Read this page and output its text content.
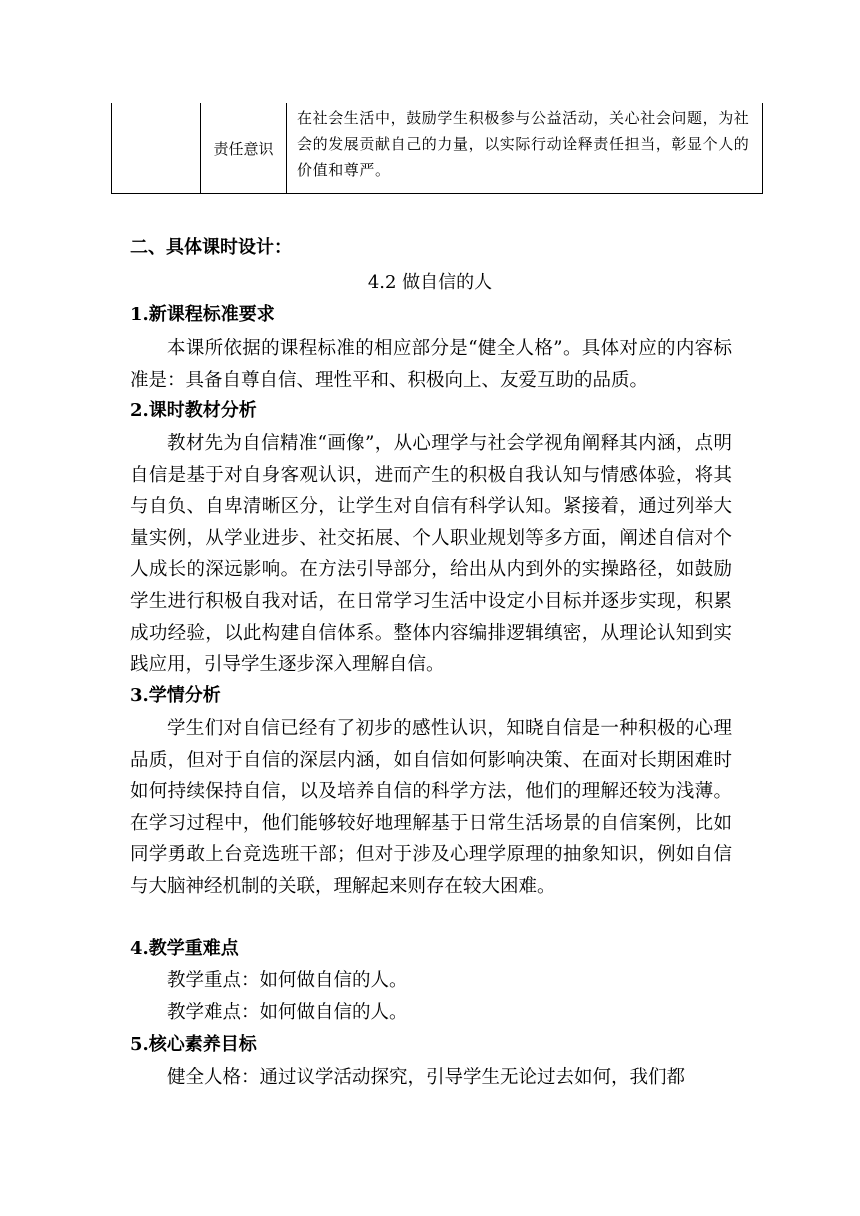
责任意识
在社会生活中，鼓励学生积极参与公益活动，关心社会问题，为社会的发展贡献自己的力量，以实际行动诠释责任担当，彰显个人的价值和尊严。
二、具体课时设计：
4.2 做自信的人
1.新课程标准要求
本课所依据的课程标准的相应部分是“健全人格”。具体对应的内容标准是：具备自尊自信、理性平和、积极向上、友爱互助的品质。
2.课时教材分析
教材先为自信精准“画像”，从心理学与社会学视角阐释其内涵，点明自信是基于对自身客观认识，进而产生的积极自我认知与情感体验，将其与自负、自卑清晰区分，让学生对自信有科学认知。紧接着，通过列举大量实例，从学业进步、社交拓展、个人职业规划等多方面，阐述自信对个人成长的深远影响。在方法引导部分，给出从内到外的实操路径，如鼓励学生进行积极自我对话，在日常学习生活中设定小目标并逐步实现，积累成功经验，以此构建自信体系。整体内容编排逻辑缜密，从理论认知到实践应用，引导学生逐步深入理解自信。
3.学情分析
学生们对自信已经有了初步的感性认识，知晓自信是一种积极的心理品质，但对于自信的深层内涵，如自信如何影响决策、在面对长期困难时如何持续保持自信，以及培养自信的科学方法，他们的理解还较为浅薄。在学习过程中，他们能够较好地理解基于日常生活场景的自信案例，比如同学勇敢上台竞选班干部；但对于涉及心理学原理的抽象知识，例如自信与大脑神经机制的关联，理解起来则存在较大困难。
4.教学重难点
教学重点：如何做自信的人。
教学难点：如何做自信的人。
5.核心素养目标
健全人格：通过议学活动探究，引导学生无论过去如何，我们都
